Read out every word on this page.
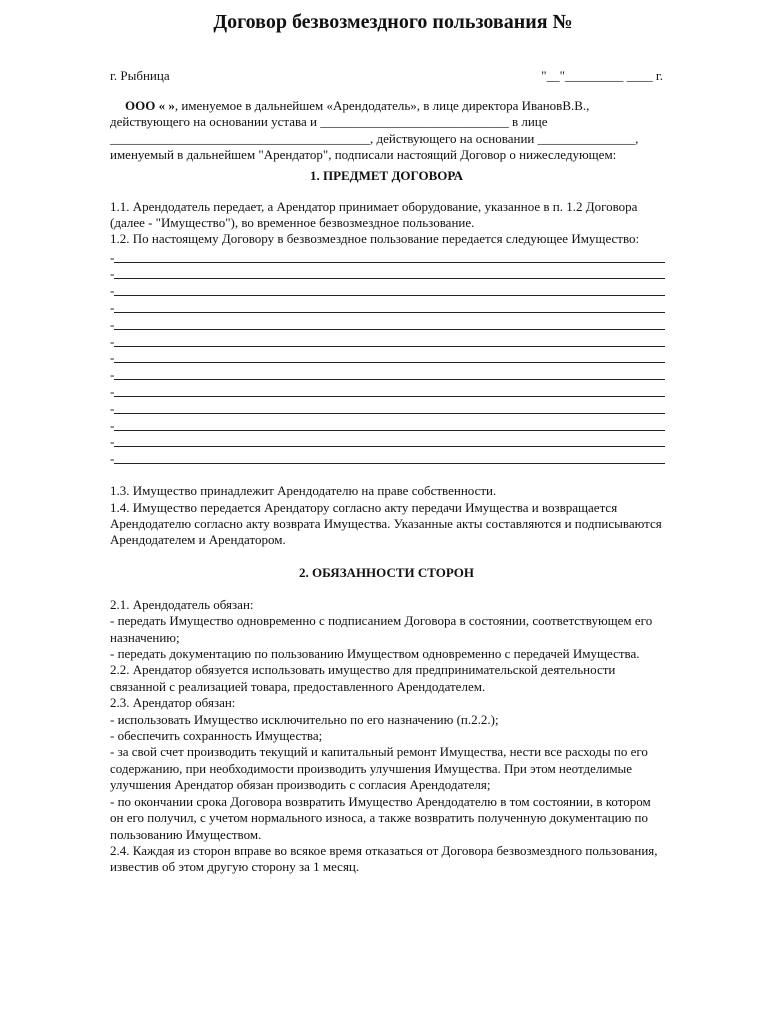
Договор безвозмездного пользования №
г. Рыбница	"__"_________ ____ г.

ООО « », именуемое в дальнейшем «Арендодатель», в лице директора ИвановВ.В., действующего на основании устава и _____________________________ в лице ________________________________________, действующего на основании _______________, именуемый в дальнейшем "Арендатор", подписали настоящий Договор о нижеследующем:

1. ПРЕДМЕТ ДОГОВОРА

1.1. Арендодатель передает, а Арендатор принимает оборудование, указанное в п. 1.2 Договора (далее - "Имущество"), во временное безвозмездное пользование.

1.2. По настоящему Договору в безвозмездное пользование передается следующее Имущество:

-
-
-
-
-
-
-
-
-
-
-
-
-

1.3. Имущество принадлежит Арендодателю на праве собственности.

1.4. Имущество передается Арендатору согласно акту передачи Имущества и возвращается Арендодателю согласно акту возврата Имущества. Указанные акты составляются и подписываются Арендодателем и Арендатором.

2. ОБЯЗАННОСТИ СТОРОН

2.1. Арендодатель обязан:

- передать Имущество одновременно с подписанием Договора в состоянии, соответствующем его назначению;

- передать документацию по пользованию Имуществом одновременно с передачей Имущества.

2.2. Арендатор обязуется использовать имущество для предпринимательской деятельности связанной с реализацией товара, предоставленного Арендодателем.

2.3. Арендатор обязан:

- использовать Имущество исключительно по его назначению (п.2.2.);

- обеспечить сохранность Имущества;

- за свой счет производить текущий и капитальный ремонт Имущества, нести все расходы по его содержанию, при необходимости производить улучшения Имущества. При этом неотделимые улучшения Арендатор обязан производить с согласия Арендодателя;

- по окончании срока Договора возвратить Имущество Арендодателю в том состоянии, в котором он его получил, с учетом нормального износа, а также возвратить полученную документацию по пользованию Имуществом.

2.4. Каждая из сторон вправе во всякое время отказаться от Договора безвозмездного пользования, известив об этом другую сторону за 1 месяц.
